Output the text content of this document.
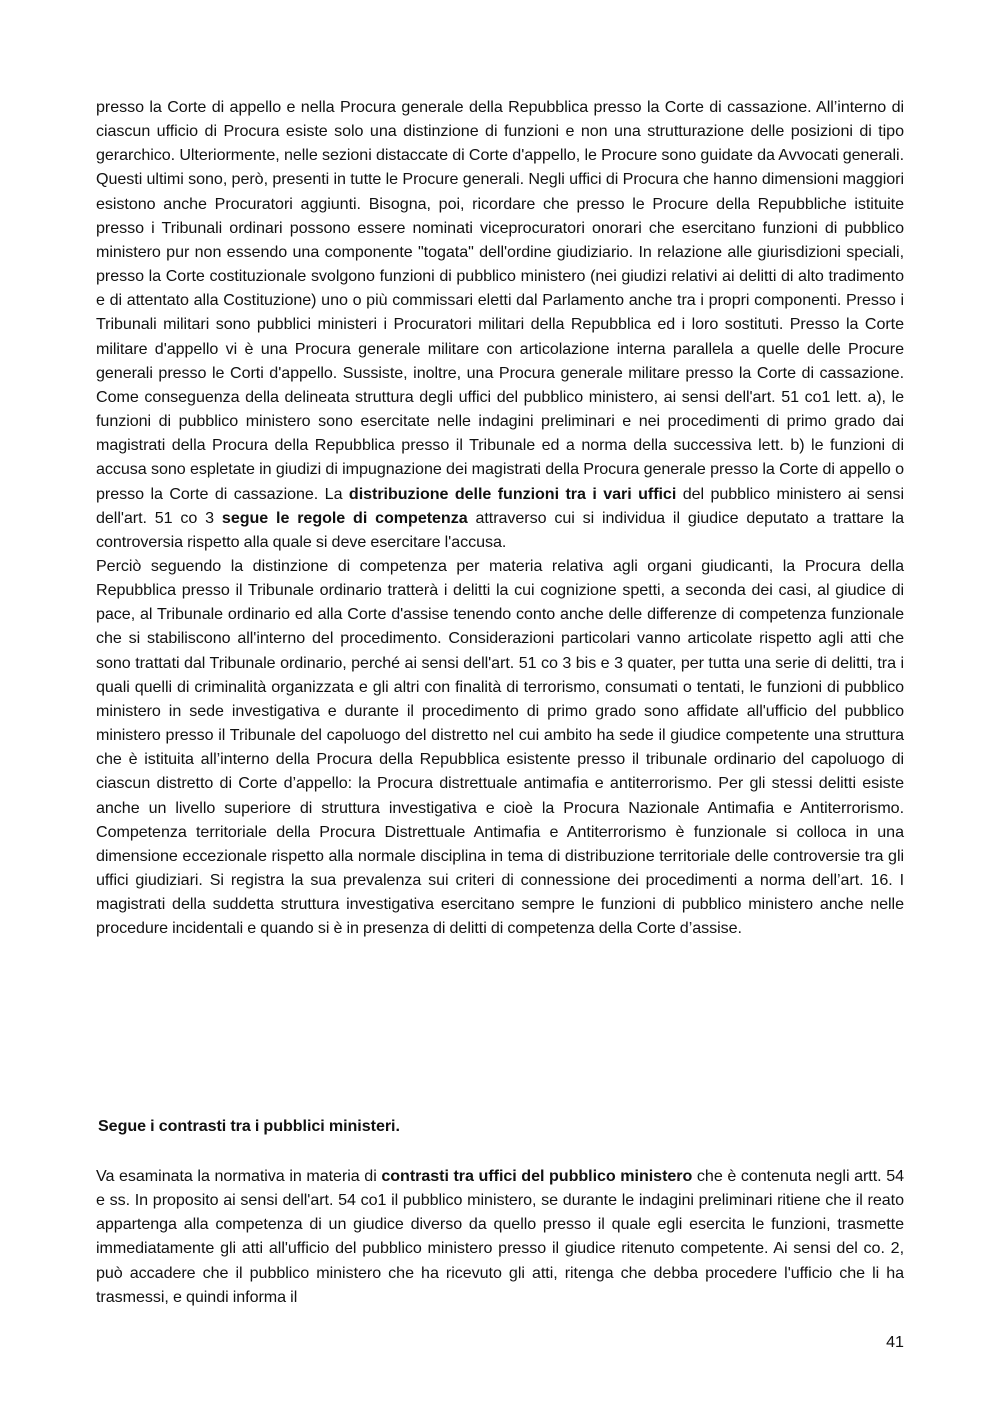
presso la Corte di appello e nella Procura generale della Repubblica presso la Corte di cassazione. All’interno di ciascun ufficio di Procura esiste solo una distinzione di funzioni e non una strutturazione delle posizioni di tipo gerarchico. Ulteriormente, nelle sezioni distaccate di Corte d'appello, le Procure sono guidate da Avvocati generali. Questi ultimi sono, però, presenti in tutte le Procure generali. Negli uffici di Procura che hanno dimensioni maggiori esistono anche Procuratori aggiunti. Bisogna, poi, ricordare che presso le Procure della Repubbliche istituite presso i Tribunali ordinari possono essere nominati viceprocuratori onorari che esercitano funzioni di pubblico ministero pur non essendo una componente "togata" dell'ordine giudiziario. In relazione alle giurisdizioni speciali, presso la Corte costituzionale svolgono funzioni di pubblico ministero (nei giudizi relativi ai delitti di alto tradimento e di attentato alla Costituzione) uno o più commissari eletti dal Parlamento anche tra i propri componenti. Presso i Tribunali militari sono pubblici ministeri i Procuratori militari della Repubblica ed i loro sostituti. Presso la Corte militare d'appello vi è una Procura generale militare con articolazione interna parallela a quelle delle Procure generali presso le Corti d'appello. Sussiste, inoltre, una Procura generale militare presso la Corte di cassazione. Come conseguenza della delineata struttura degli uffici del pubblico ministero, ai sensi dell'art. 51 co1 lett. a), le funzioni di pubblico ministero sono esercitate nelle indagini preliminari e nei procedimenti di primo grado dai magistrati della Procura della Repubblica presso il Tribunale ed a norma della successiva lett. b) le funzioni di accusa sono espletate in giudizi di impugnazione dei magistrati della Procura generale presso la Corte di appello o presso la Corte di cassazione. La distribuzione delle funzioni tra i vari uffici del pubblico ministero ai sensi dell'art. 51 co 3 segue le regole di competenza attraverso cui si individua il giudice deputato a trattare la controversia rispetto alla quale si deve esercitare l'accusa.

Perciò seguendo la distinzione di competenza per materia relativa agli organi giudicanti, la Procura della Repubblica presso il Tribunale ordinario tratterà i delitti la cui cognizione spetti, a seconda dei casi, al giudice di pace, al Tribunale ordinario ed alla Corte d'assise tenendo conto anche delle differenze di competenza funzionale che si stabiliscono all'interno del procedimento. Considerazioni particolari vanno articolate rispetto agli atti che sono trattati dal Tribunale ordinario, perché ai sensi dell'art. 51 co 3 bis e 3 quater, per tutta una serie di delitti, tra i quali quelli di criminalità organizzata e gli altri con finalità di terrorismo, consumati o tentati, le funzioni di pubblico ministero in sede investigativa e durante il procedimento di primo grado sono affidate all'ufficio del pubblico ministero presso il Tribunale del capoluogo del distretto nel cui ambito ha sede il giudice competente una struttura che è istituita all’interno della Procura della Repubblica esistente presso il tribunale ordinario del capoluogo di ciascun distretto di Corte d’appello: la Procura distrettuale antimafia e antiterrorismo. Per gli stessi delitti esiste anche un livello superiore di struttura investigativa e cioè la Procura Nazionale Antimafia e Antiterrorismo. Competenza territoriale della Procura Distrettuale Antimafia e Antiterrorismo è funzionale si colloca in una dimensione eccezionale rispetto alla normale disciplina in tema di distribuzione territoriale delle controversie tra gli uffici giudiziari. Si registra la sua prevalenza sui criteri di connessione dei procedimenti a norma dell’art. 16. I magistrati della suddetta struttura investigativa esercitano sempre le funzioni di pubblico ministero anche nelle procedure incidentali e quando si è in presenza di delitti di competenza della Corte d’assise.

Segue i contrasti tra i pubblici ministeri.

Va esaminata la normativa in materia di contrasti tra uffici del pubblico ministero che è contenuta negli artt. 54 e ss. In proposito ai sensi dell'art. 54 co1 il pubblico ministero, se durante le indagini preliminari ritiene che il reato appartenga alla competenza di un giudice diverso da quello presso il quale egli esercita le funzioni, trasmette immediatamente gli atti all'ufficio del pubblico ministero presso il giudice ritenuto competente. Ai sensi del co. 2, può accadere che il pubblico ministero che ha ricevuto gli atti, ritenga che debba procedere l'ufficio che li ha trasmessi, e quindi informa il

41
